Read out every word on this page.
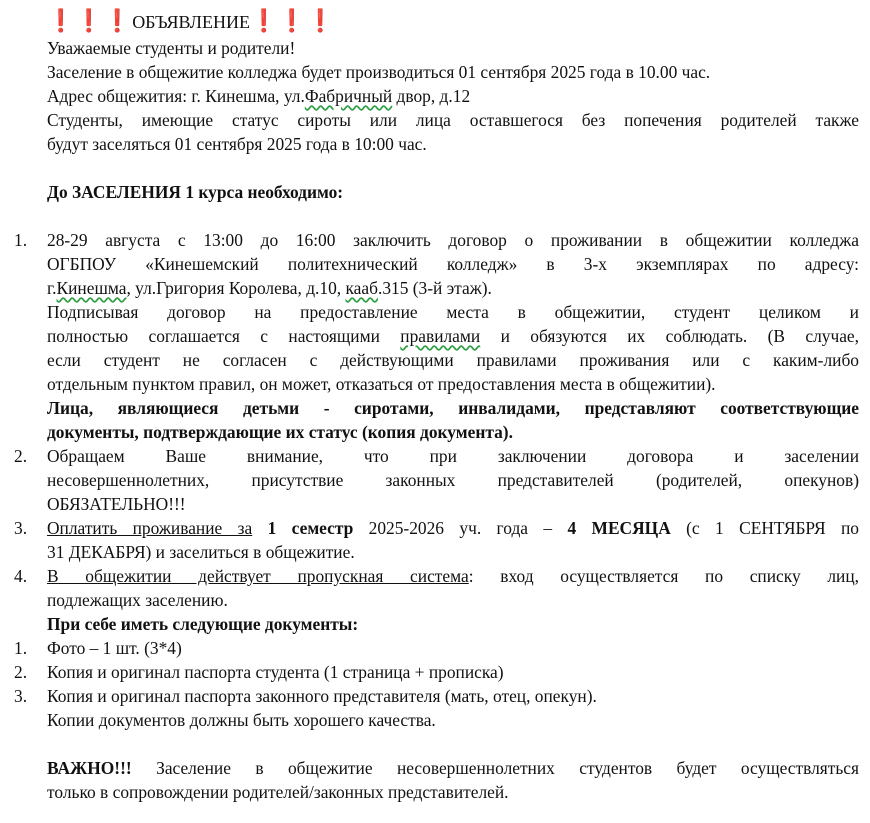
❗❗❗ОБЪЯВЛЕНИЕ❗❗❗
Уважаемые студенты и родители!
Заселение в общежитие колледжа будет производиться 01 сентября 2025 года в 10.00 час.
Адрес общежития: г. Кинешма, ул.Фабричный двор, д.12
Студенты, имеющие статус сироты или лица оставшегося без попечения родителей также
будут заселяться 01 сентября 2025 года в 10:00 час.
До ЗАСЕЛЕНИЯ 1 курса необходимо:
1. 28-29 августа с 13:00 до 16:00 заключить договор о проживании в общежитии колледжа
ОГБПОУ «Кинешемский политехнический колледж» в 3-х экземплярах по адресу:
г.Кинешма, ул.Григория Королева, д.10, кааб.315 (3-й этаж).
Подписывая договор на предоставление места в общежитии, студент целиком и
полностью соглашается с настоящими правилами и обязуются их соблюдать. (В случае,
если студент не согласен с действующими правилами проживания или с каким-либо
отдельным пунктом правил, он может, отказаться от предоставления места в общежитии).
Лица, являющиеся детьми - сиротами, инвалидами, представляют соответствующие
документы, подтверждающие их статус (копия документа).
2. Обращаем Ваше внимание, что при заключении договора и заселении
несовершеннолетних, присутствие законных представителей (родителей, опекунов)
ОБЯЗАТЕЛЬНО!!!
3. Оплатить проживание за 1 семестр 2025-2026 уч. года – 4 МЕСЯЦА (с 1 СЕНТЯБРЯ по
31 ДЕКАБРЯ) и заселиться в общежитие.
4. В общежитии действует пропускная система: вход осуществляется по списку лиц,
подлежащих заселению.
При себе иметь следующие документы:
1. Фото – 1 шт. (3*4)
2. Копия и оригинал паспорта студента (1 страница + прописка)
3. Копия и оригинал паспорта законного представителя (мать, отец, опекун).
Копии документов должны быть хорошего качества.
ВАЖНО!!! Заселение в общежитие несовершеннолетних студентов будет осуществляться
только в сопровождении родителей/законных представителей.
